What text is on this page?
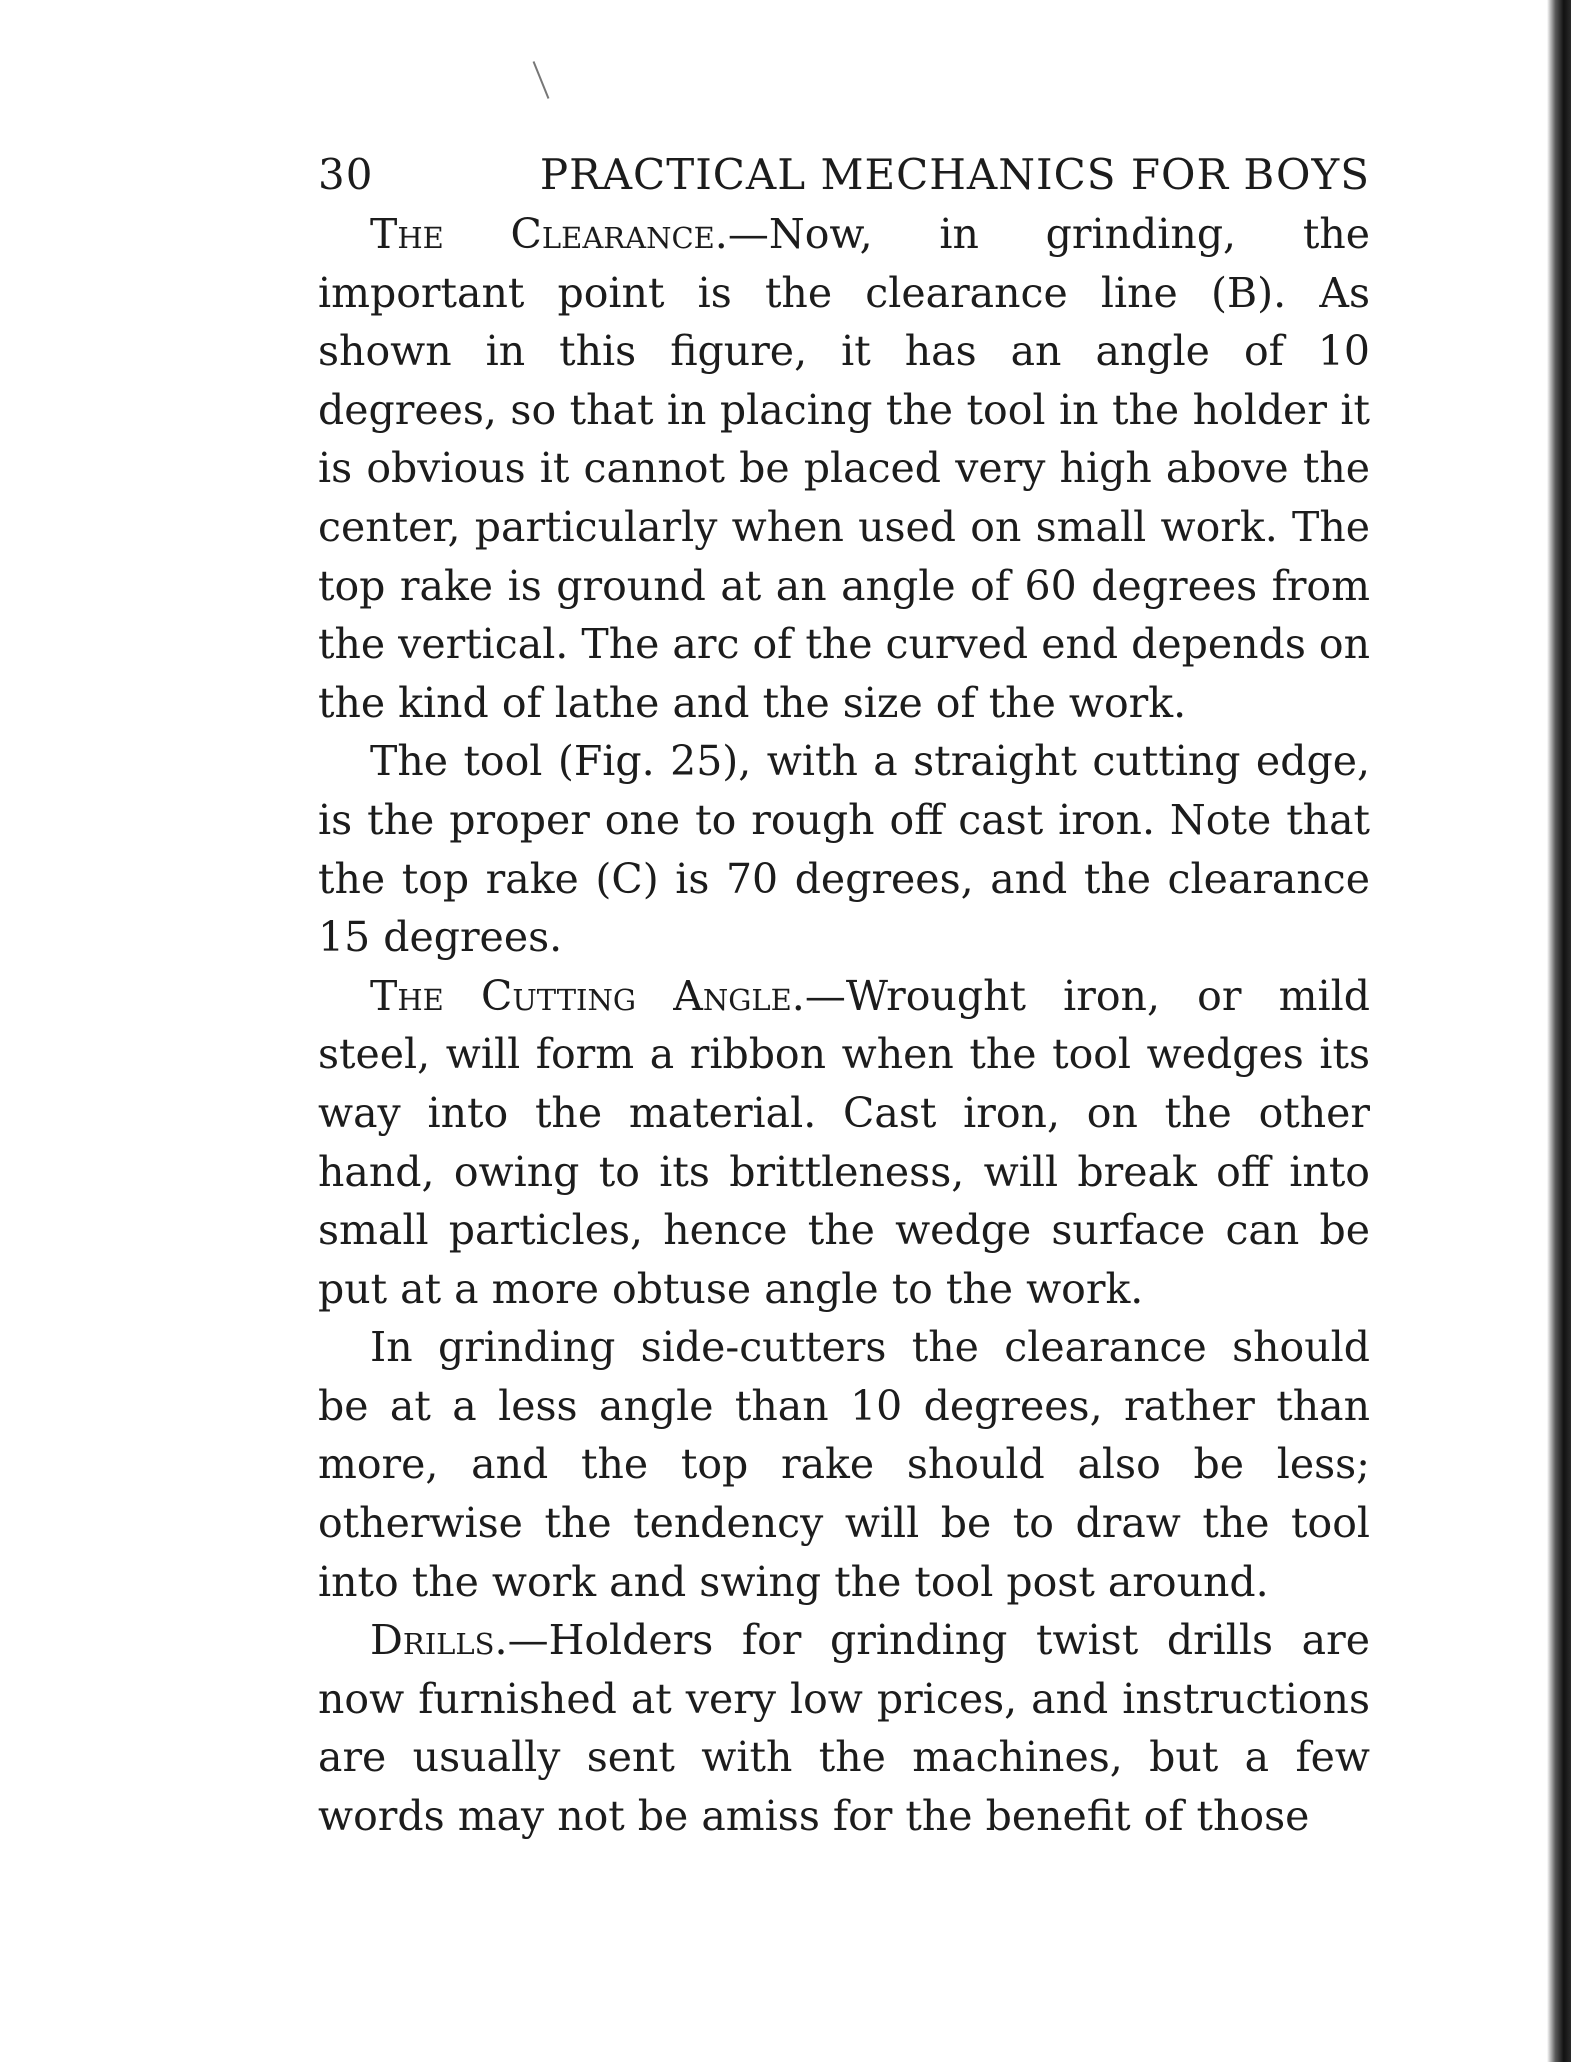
30	PRACTICAL MECHANICS FOR BOYS

The Clearance.—Now, in grinding, the important point is the clearance line (B). As shown in this figure, it has an angle of 10 degrees, so that in placing the tool in the holder it is obvious it cannot be placed very high above the center, particularly when used on small work. The top rake is ground at an angle of 60 degrees from the vertical. The arc of the curved end depends on the kind of lathe and the size of the work.

The tool (Fig. 25), with a straight cutting edge, is the proper one to rough off cast iron. Note that the top rake (C) is 70 degrees, and the clearance 15 degrees.

The Cutting Angle.—Wrought iron, or mild steel, will form a ribbon when the tool wedges its way into the material. Cast iron, on the other hand, owing to its brittleness, will break off into small particles, hence the wedge surface can be put at a more obtuse angle to the work.

In grinding side-cutters the clearance should be at a less angle than 10 degrees, rather than more, and the top rake should also be less; otherwise the tendency will be to draw the tool into the work and swing the tool post around.

Drills.—Holders for grinding twist drills are now furnished at very low prices, and instructions are usually sent with the machines, but a few words may not be amiss for the benefit of those
